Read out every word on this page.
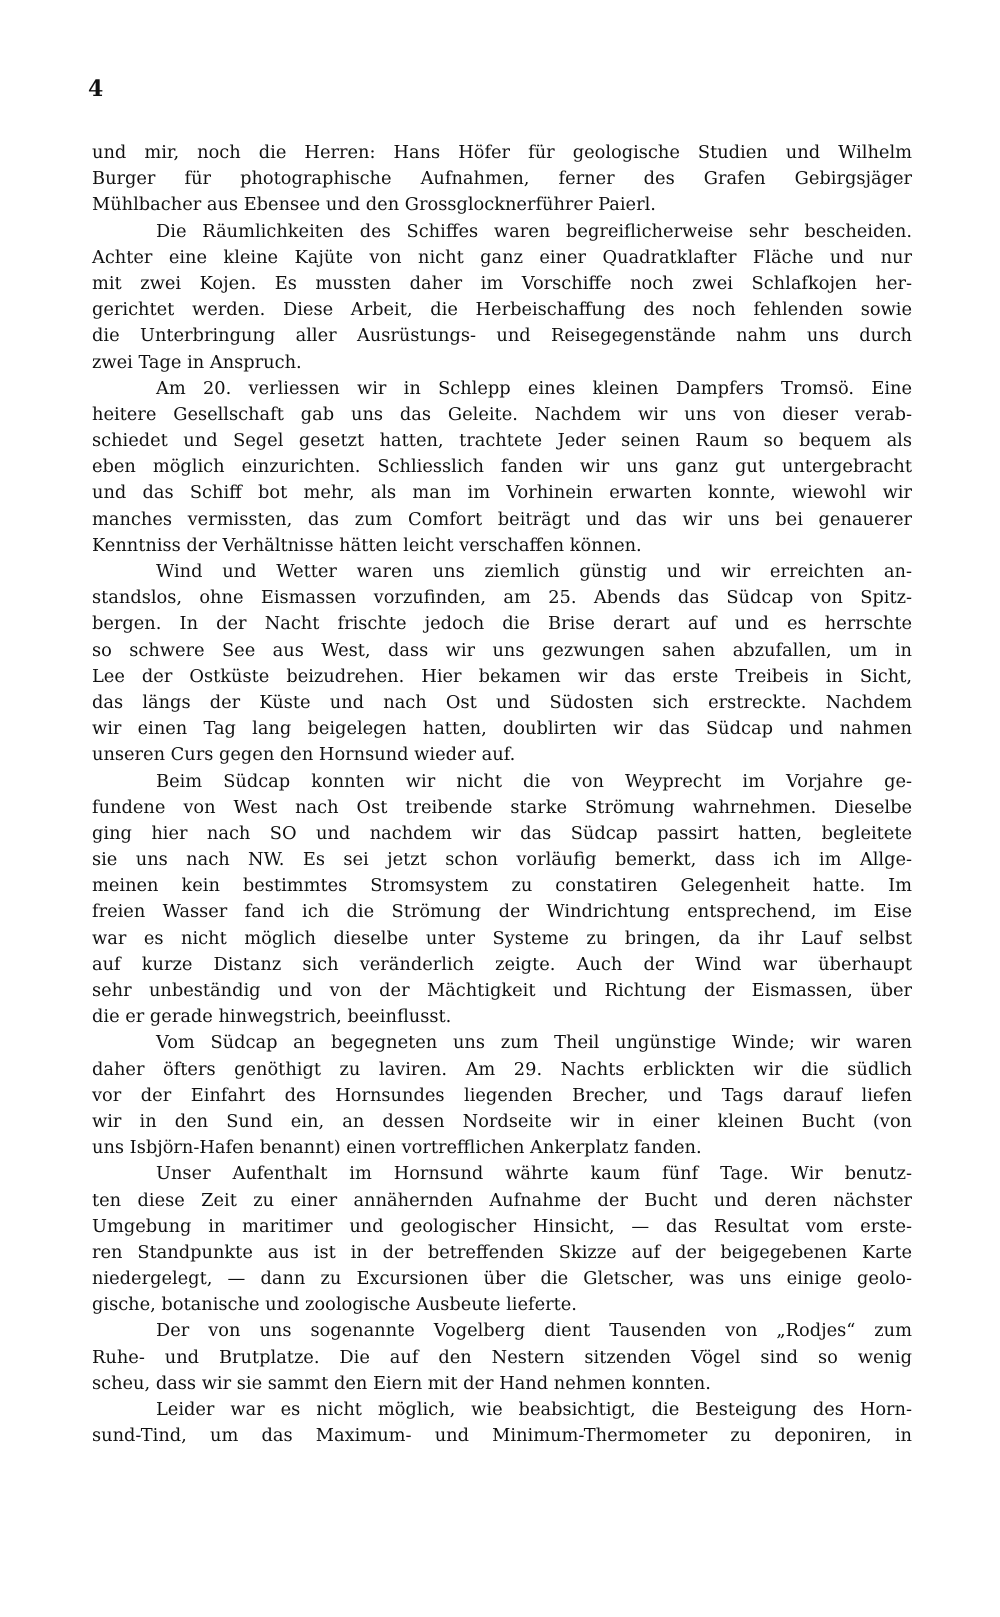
4
und mir, noch die Herren: Hans Höfer für geologische Studien und Wilhelm
Burger für photographische Aufnahmen, ferner des Grafen Gebirgsjäger
Mühlbacher aus Ebensee und den Grossglocknerführer Paierl.
Die Räumlichkeiten des Schiffes waren begreiflicherweise sehr bescheiden.
Achter eine kleine Kajüte von nicht ganz einer Quadratklafter Fläche und nur
mit zwei Kojen. Es mussten daher im Vorschiffe noch zwei Schlafkojen her-
gerichtet werden. Diese Arbeit, die Herbeischaffung des noch fehlenden sowie
die Unterbringung aller Ausrüstungs- und Reisegegenstände nahm uns durch
zwei Tage in Anspruch.
Am 20. verliessen wir in Schlepp eines kleinen Dampfers Tromsö. Eine
heitere Gesellschaft gab uns das Geleite. Nachdem wir uns von dieser verab-
schiedet und Segel gesetzt hatten, trachtete Jeder seinen Raum so bequem als
eben möglich einzurichten. Schliesslich fanden wir uns ganz gut untergebracht
und das Schiff bot mehr, als man im Vorhinein erwarten konnte, wiewohl wir
manches vermissten, das zum Comfort beiträgt und das wir uns bei genauerer
Kenntniss der Verhältnisse hätten leicht verschaffen können.
Wind und Wetter waren uns ziemlich günstig und wir erreichten an-
standslos, ohne Eismassen vorzufinden, am 25. Abends das Südcap von Spitz-
bergen. In der Nacht frischte jedoch die Brise derart auf und es herrschte
so schwere See aus West, dass wir uns gezwungen sahen abzufallen, um in
Lee der Ostküste beizudrehen. Hier bekamen wir das erste Treibeis in Sicht,
das längs der Küste und nach Ost und Südosten sich erstreckte. Nachdem
wir einen Tag lang beigelegen hatten, doublirten wir das Südcap und nahmen
unseren Curs gegen den Hornsund wieder auf.
Beim Südcap konnten wir nicht die von Weyprecht im Vorjahre ge-
fundene von West nach Ost treibende starke Strömung wahrnehmen. Dieselbe
ging hier nach SO und nachdem wir das Südcap passirt hatten, begleitete
sie uns nach NW. Es sei jetzt schon vorläufig bemerkt, dass ich im Allge-
meinen kein bestimmtes Stromsystem zu constatiren Gelegenheit hatte. Im
freien Wasser fand ich die Strömung der Windrichtung entsprechend, im Eise
war es nicht möglich dieselbe unter Systeme zu bringen, da ihr Lauf selbst
auf kurze Distanz sich veränderlich zeigte. Auch der Wind war überhaupt
sehr unbeständig und von der Mächtigkeit und Richtung der Eismassen, über
die er gerade hinwegstrich, beeinflusst.
Vom Südcap an begegneten uns zum Theil ungünstige Winde; wir waren
daher öfters genöthigt zu laviren. Am 29. Nachts erblickten wir die südlich
vor der Einfahrt des Hornsundes liegenden Brecher, und Tags darauf liefen
wir in den Sund ein, an dessen Nordseite wir in einer kleinen Bucht (von
uns Isbjörn-Hafen benannt) einen vortrefflichen Ankerplatz fanden.
Unser Aufenthalt im Hornsund währte kaum fünf Tage. Wir benutz-
ten diese Zeit zu einer annähernden Aufnahme der Bucht und deren nächster
Umgebung in maritimer und geologischer Hinsicht, — das Resultat vom erste-
ren Standpunkte aus ist in der betreffenden Skizze auf der beigegebenen Karte
niedergelegt, — dann zu Excursionen über die Gletscher, was uns einige geolo-
gische, botanische und zoologische Ausbeute lieferte.
Der von uns sogenannte Vogelberg dient Tausenden von „Rodjes“ zum
Ruhe- und Brutplatze. Die auf den Nestern sitzenden Vögel sind so wenig
scheu, dass wir sie sammt den Eiern mit der Hand nehmen konnten.
Leider war es nicht möglich, wie beabsichtigt, die Besteigung des Horn-
sund-Tind, um das Maximum- und Minimum-Thermometer zu deponiren, in
